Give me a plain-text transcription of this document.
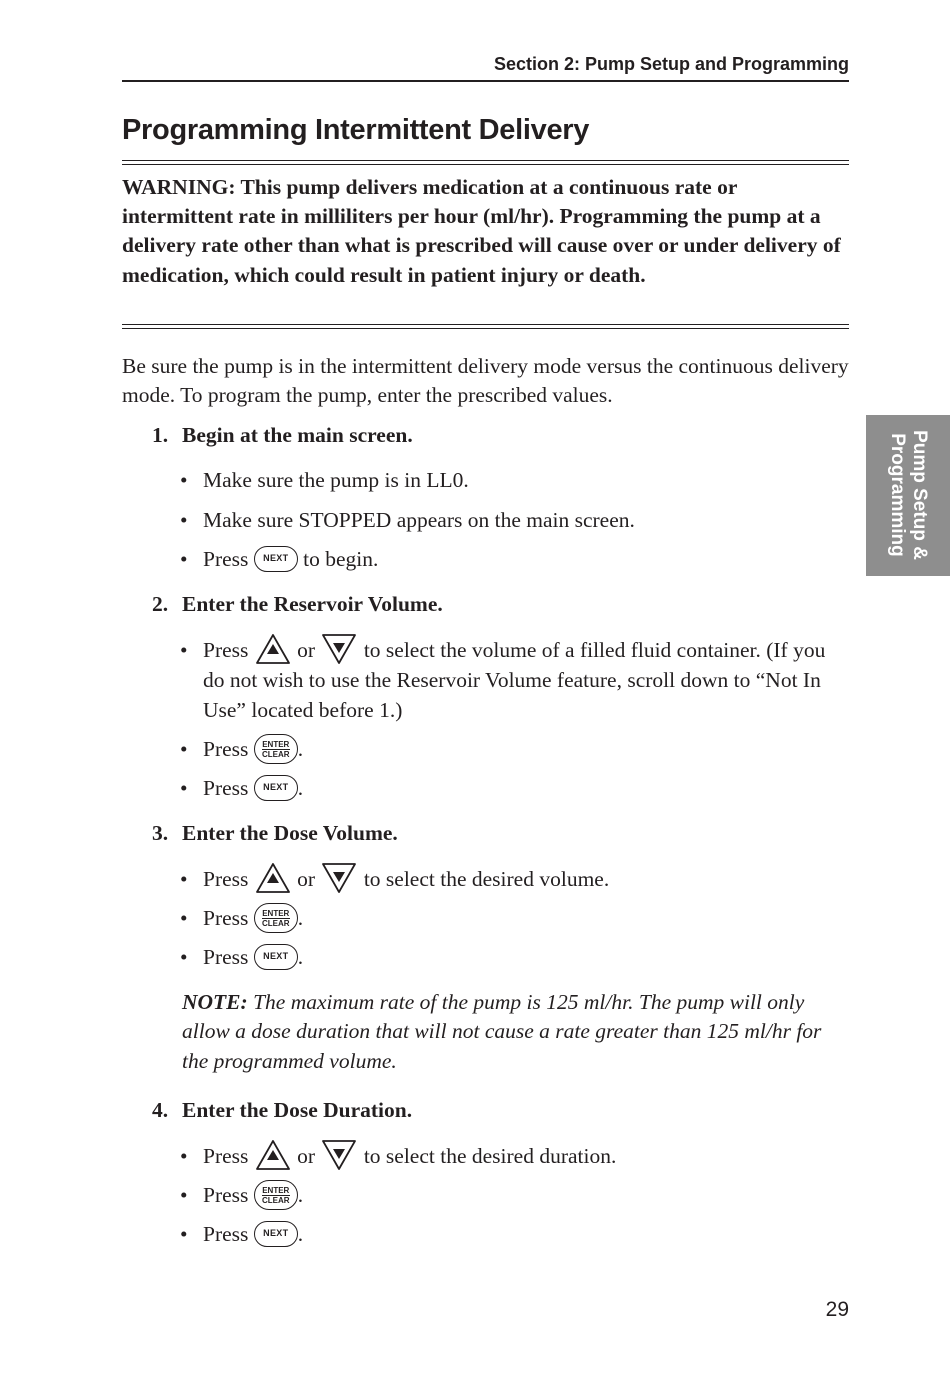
Section 2: Pump Setup and Programming
Programming Intermittent Delivery
WARNING: This pump delivers medication at a continuous rate or intermittent rate in milliliters per hour (ml/hr). Programming the pump at a delivery rate other than what is prescribed will cause over or under delivery of medication, which could result in patient injury or death.
Be sure the pump is in the intermittent delivery mode versus the continuous delivery mode. To program the pump, enter the prescribed values.
1. Begin at the main screen.
• Make sure the pump is in LL0.
• Make sure STOPPED appears on the main screen.
• Press NEXT to begin.
2. Enter the Reservoir Volume.
• Press or to select the volume of a filled fluid container. (If you do not wish to use the Reservoir Volume feature, scroll down to “Not In Use” located before 1.)
• Press ENTER
CLEAR .
• Press NEXT .
3. Enter the Dose Volume.
• Press or to select the desired volume.
• Press ENTER
CLEAR .
• Press NEXT .
NOTE: The maximum rate of the pump is 125 ml/hr. The pump will only allow a dose duration that will not cause a rate greater than 125 ml/hr for the programmed volume.
4. Enter the Dose Duration.
• Press or to select the desired duration.
• Press ENTER
CLEAR .
• Press NEXT .
Pump Setup &
Programming
29
